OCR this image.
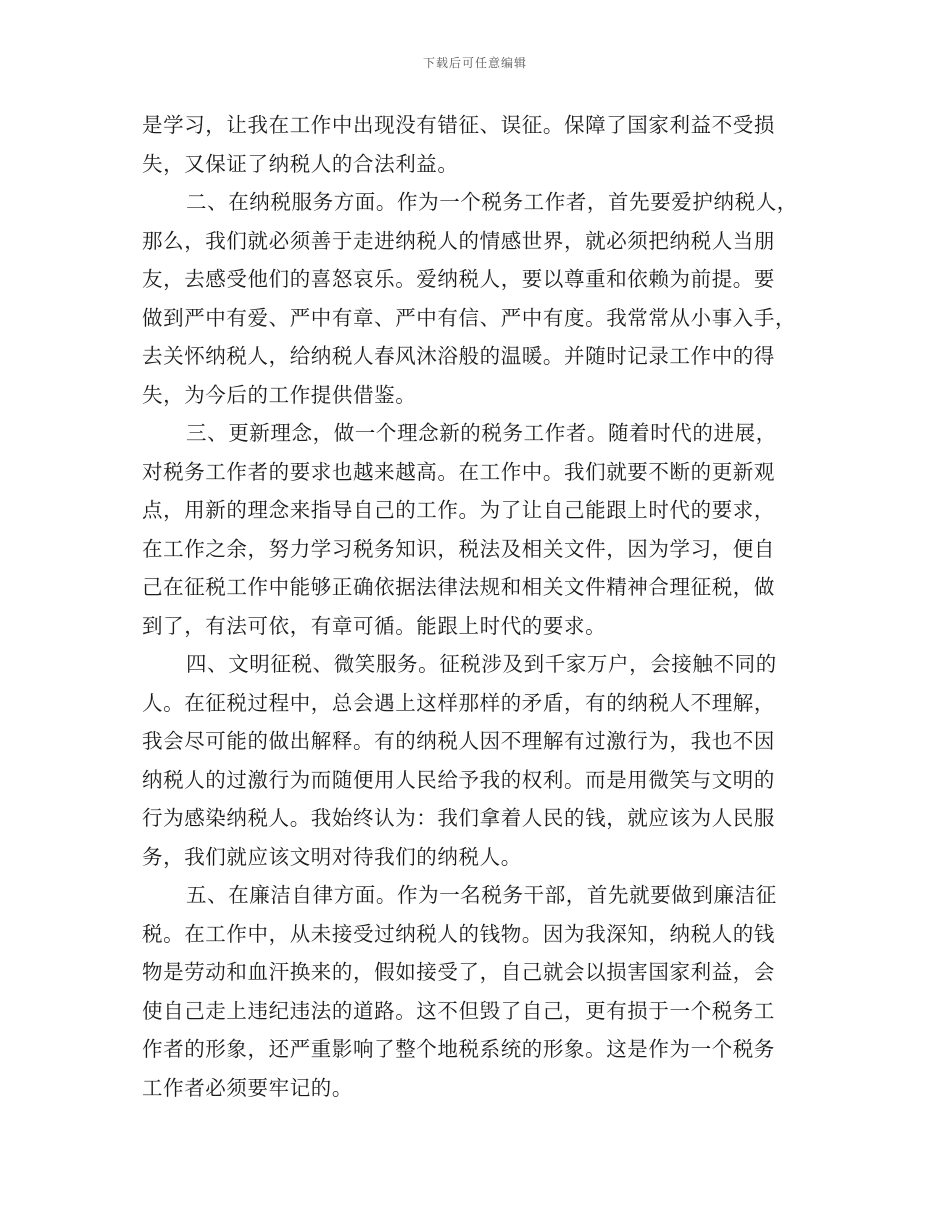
下载后可任意编辑
是学习，让我在工作中出现没有错征、误征。保障了国家利益不受损
失，又保证了纳税人的合法利益。
二、在纳税服务方面。作为一个税务工作者，首先要爱护纳税人，
那么，我们就必须善于走进纳税人的情感世界，就必须把纳税人当朋
友，去感受他们的喜怒哀乐。爱纳税人，要以尊重和依赖为前提。要
做到严中有爱、严中有章、严中有信、严中有度。我常常从小事入手，
去关怀纳税人，给纳税人春风沐浴般的温暖。并随时记录工作中的得
失，为今后的工作提供借鉴。
三、更新理念，做一个理念新的税务工作者。随着时代的进展，
对税务工作者的要求也越来越高。在工作中。我们就要不断的更新观
点，用新的理念来指导自己的工作。为了让自己能跟上时代的要求，
在工作之余，努力学习税务知识，税法及相关文件，因为学习，便自
己在征税工作中能够正确依据法律法规和相关文件精神合理征税，做
到了，有法可依，有章可循。能跟上时代的要求。
四、文明征税、微笑服务。征税涉及到千家万户，会接触不同的
人。在征税过程中，总会遇上这样那样的矛盾，有的纳税人不理解，
我会尽可能的做出解释。有的纳税人因不理解有过激行为，我也不因
纳税人的过激行为而随便用人民给予我的权利。而是用微笑与文明的
行为感染纳税人。我始终认为：我们拿着人民的钱，就应该为人民服
务，我们就应该文明对待我们的纳税人。
五、在廉洁自律方面。作为一名税务干部，首先就要做到廉洁征
税。在工作中，从未接受过纳税人的钱物。因为我深知，纳税人的钱
物是劳动和血汗换来的，假如接受了，自己就会以损害国家利益，会
使自己走上违纪违法的道路。这不但毁了自己，更有损于一个税务工
作者的形象，还严重影响了整个地税系统的形象。这是作为一个税务
工作者必须要牢记的。
